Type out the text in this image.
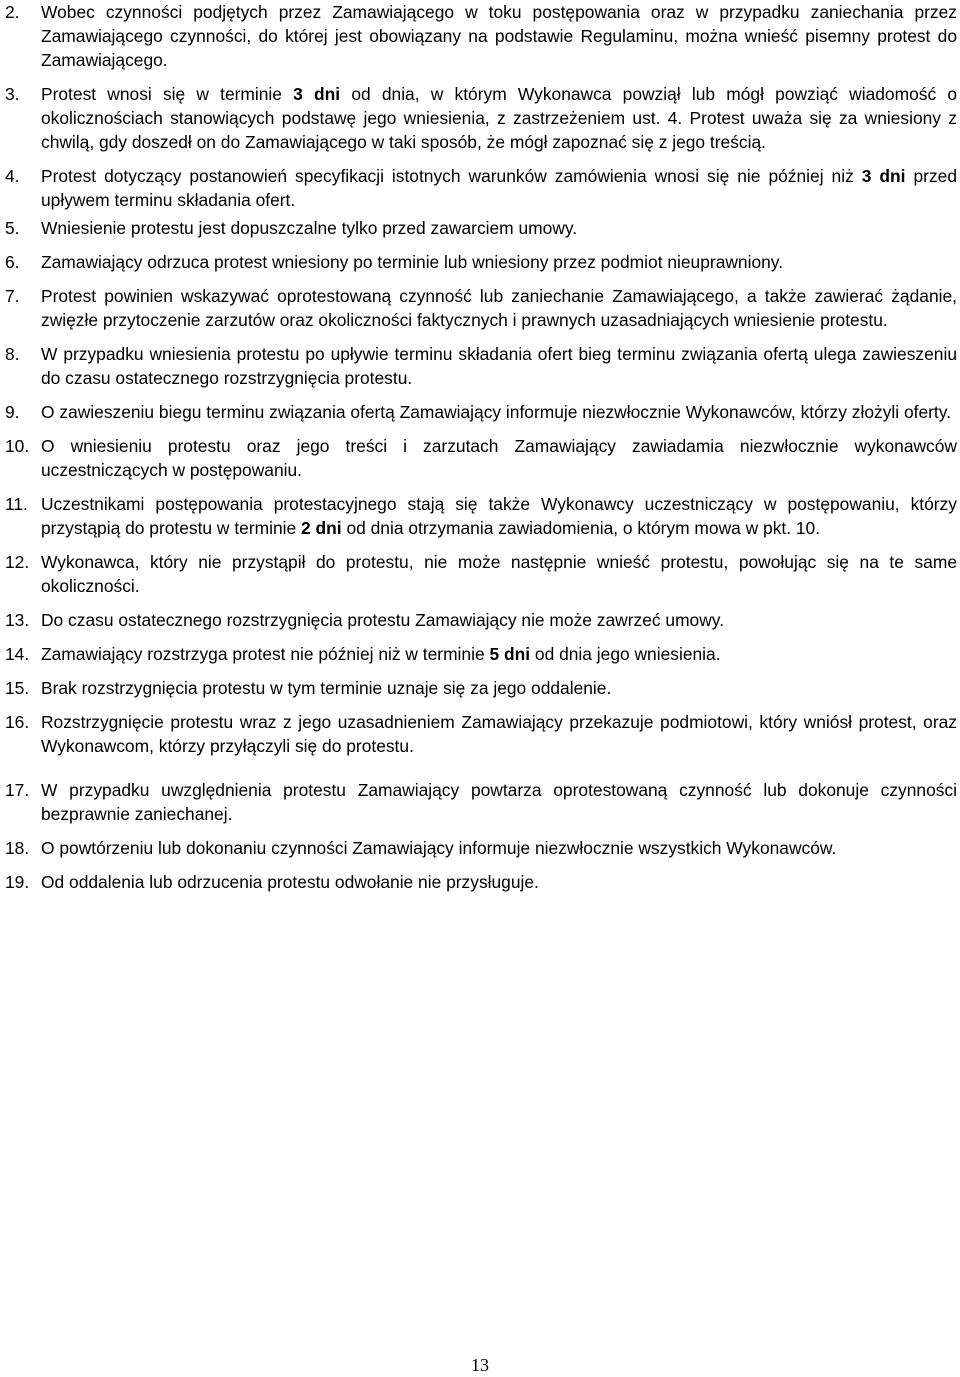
2.	Wobec czynności podjętych przez Zamawiającego w toku postępowania oraz w przypadku zaniechania przez Zamawiającego czynności, do której jest obowiązany na podstawie Regulaminu, można wnieść pisemny protest do Zamawiającego.
3.	Protest wnosi się w terminie 3 dni od dnia, w którym Wykonawca powziął lub mógł powziąć wiadomość o okolicznościach stanowiących podstawę jego wniesienia, z zastrzeżeniem ust. 4. Protest uważa się za wniesiony z chwilą, gdy doszedł on do Zamawiającego w taki sposób, że mógł zapoznać się z jego treścią.
4.	Protest dotyczący postanowień specyfikacji istotnych warunków zamówienia wnosi się nie później niż 3 dni przed upływem terminu składania ofert.
5.	Wniesienie protestu jest dopuszczalne tylko przed zawarciem umowy.
6.	Zamawiający odrzuca protest wniesiony po terminie lub wniesiony przez podmiot nieuprawniony.
7.	Protest powinien wskazywać oprotestowaną czynność lub zaniechanie Zamawiającego, a także zawierać żądanie, zwięzłe przytoczenie zarzutów oraz okoliczności faktycznych i prawnych uzasadniających wniesienie protestu.
8.	W przypadku wniesienia protestu po upływie terminu składania ofert bieg terminu związania ofertą ulega zawieszeniu do czasu ostatecznego rozstrzygnięcia protestu.
9.	O zawieszeniu biegu terminu związania ofertą Zamawiający informuje niezwłocznie Wykonawców, którzy złożyli oferty.
10. O wniesieniu protestu oraz jego treści i zarzutach Zamawiający zawiadamia niezwłocznie wykonawców uczestniczących w postępowaniu.
11. Uczestnikami postępowania protestacyjnego stają się także Wykonawcy uczestniczący w postępowaniu, którzy przystąpią do protestu w terminie 2 dni od dnia otrzymania zawiadomienia, o którym mowa w pkt. 10.
12. Wykonawca, który nie przystąpił do protestu, nie może następnie wnieść protestu, powołując się na te same okoliczności.
13. Do czasu ostatecznego rozstrzygnięcia protestu Zamawiający nie może zawrzeć umowy.
14. Zamawiający rozstrzyga protest nie później niż w terminie 5 dni od dnia jego wniesienia.
15. Brak rozstrzygnięcia protestu w tym terminie uznaje się za jego oddalenie.
16. Rozstrzygnięcie protestu wraz z jego uzasadnieniem Zamawiający przekazuje podmiotowi, który wniósł protest, oraz Wykonawcom, którzy przyłączyli się do protestu.
17. W przypadku uwzględnienia protestu Zamawiający powtarza oprotestowaną czynność lub dokonuje czynności bezprawnie zaniechanej.
18. O powtórzeniu lub dokonaniu czynności Zamawiający informuje niezwłocznie wszystkich Wykonawców.
19. Od oddalenia lub odrzucenia protestu odwołanie nie przysługuje.
13
